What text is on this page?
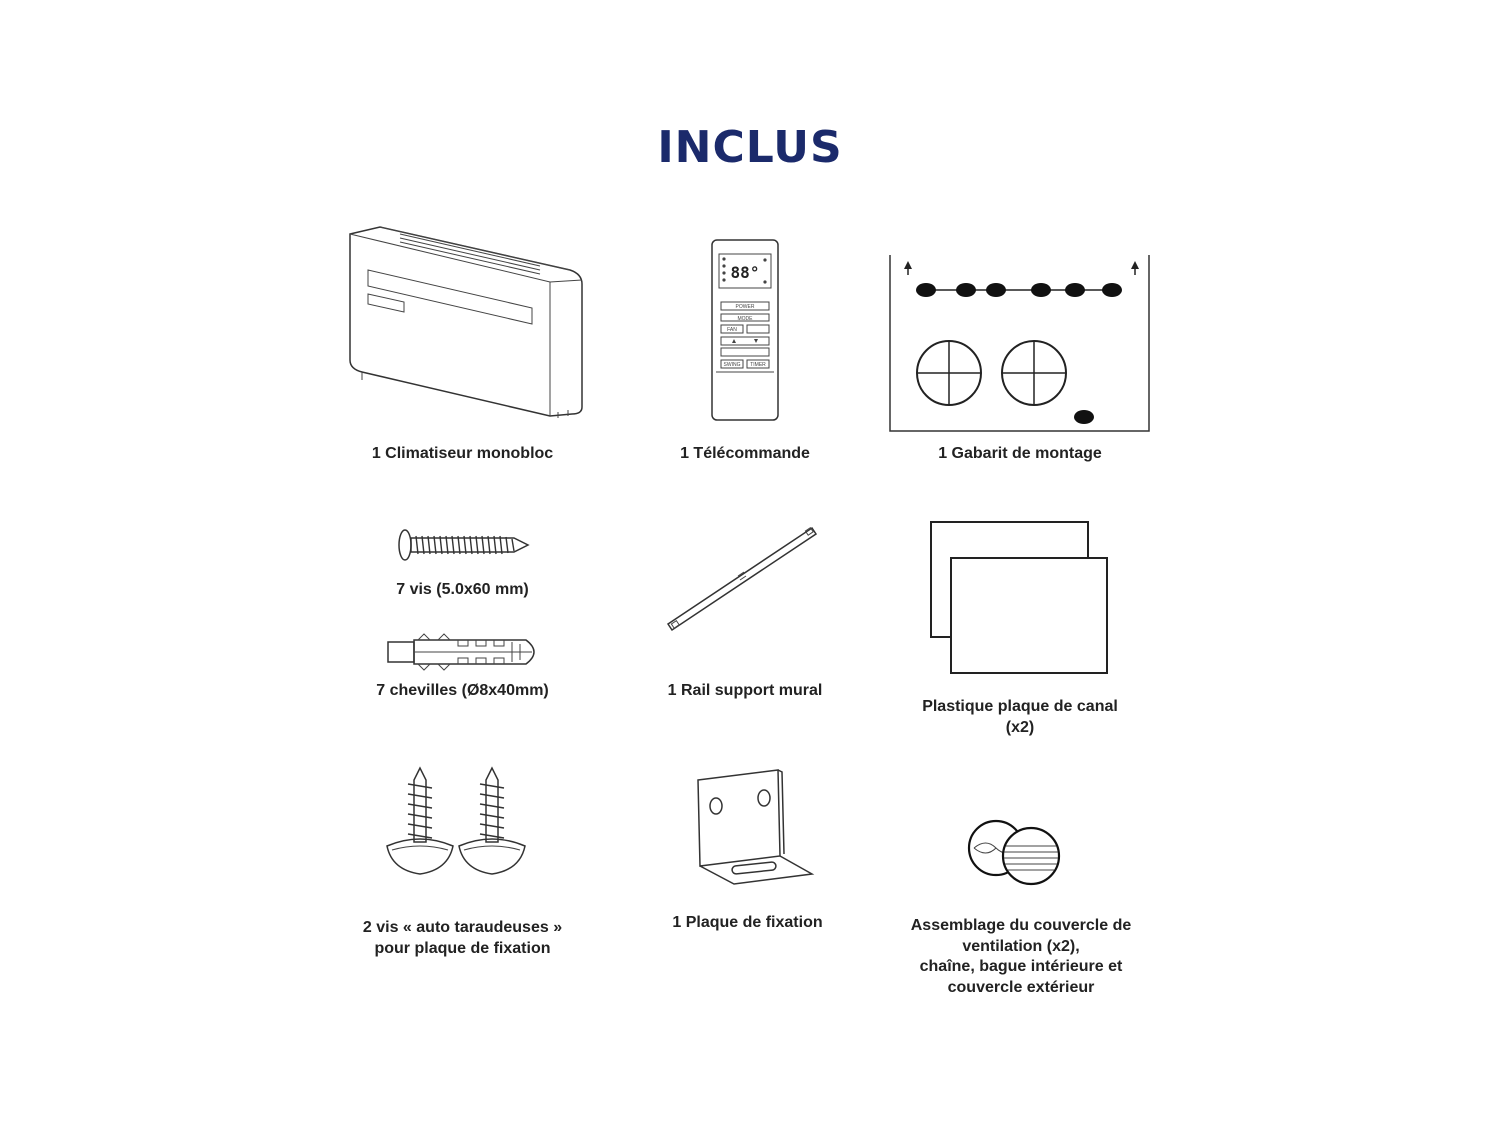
INCLUS
1 Climatiseur monobloc
88°
POWER
MODE
FAN
SWING TIMER
1 Télécommande	1 Gabarit de montage
7 vis (5.0x60 mm)
7 chevilles (Ø8x40mm)	1 Rail support mural
Plastique plaque de canal
(x2)
2 vis « auto taraudeuses »
pour plaque de fixation
1 Plaque de fixation	Assemblage du couvercle de
ventilation (x2),
chaîne, bague intérieure et
couvercle extérieur
